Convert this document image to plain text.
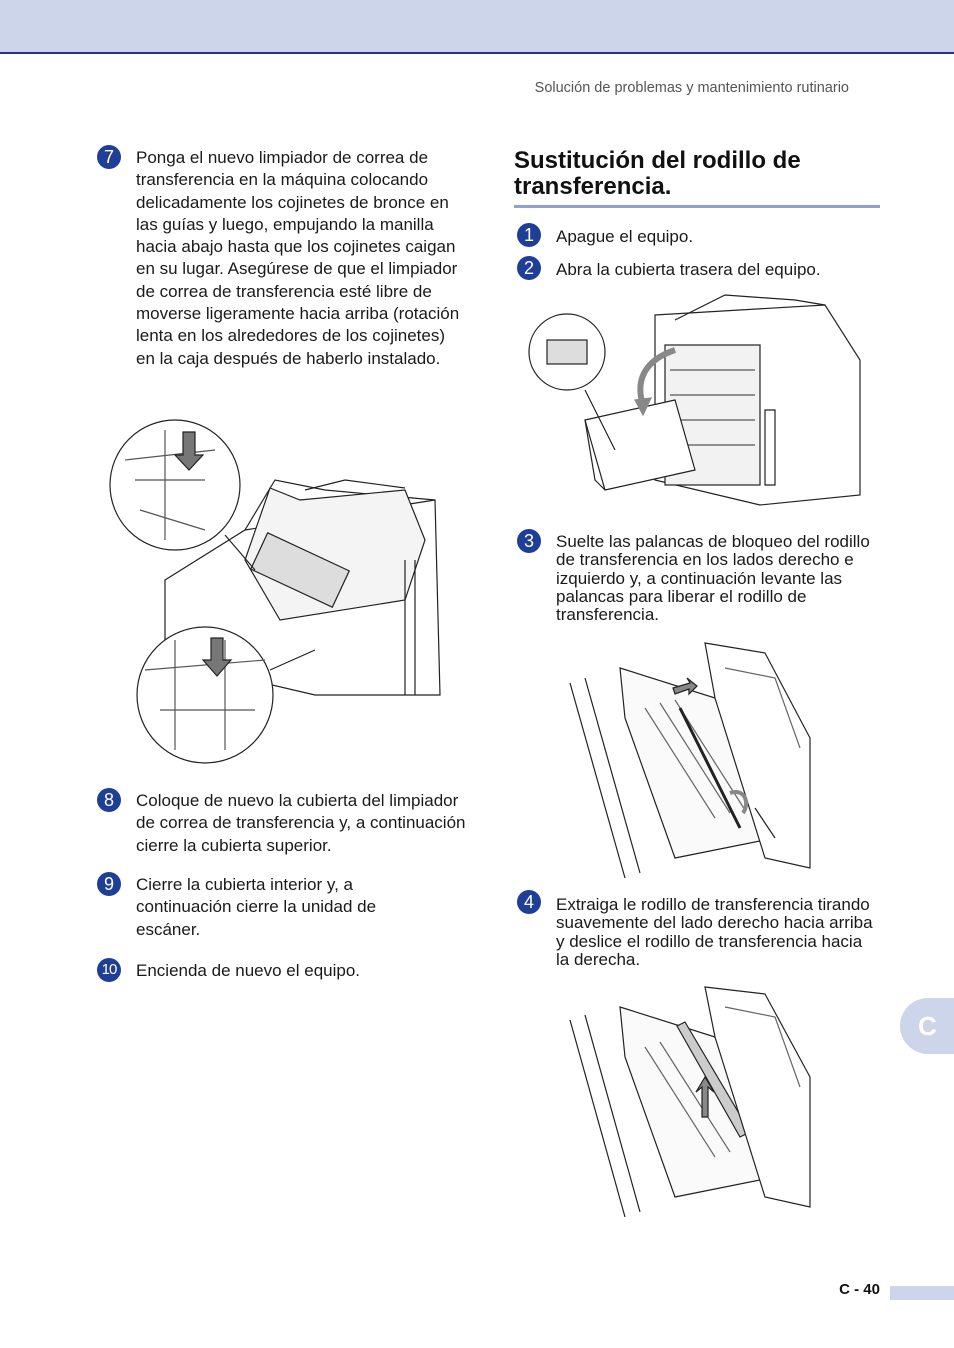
Solución de problemas y mantenimiento rutinario
7	Ponga el nuevo limpiador de correa de transferencia en la máquina colocando delicadamente los cojinetes de bronce en las guías y luego, empujando la manilla hacia abajo hasta que los cojinetes caigan en su lugar. Asegúrese de que el limpiador de correa de transferencia esté libre de moverse ligeramente hacia arriba (rotación lenta en los alrededores de los cojinetes) en la caja después de haberlo instalado.
8	Coloque de nuevo la cubierta del limpiador de correa de transferencia y, a continuación cierre la cubierta superior.
9	Cierre la cubierta interior y, a continuación cierre la unidad de escáner.
10 Encienda de nuevo el equipo.
Sustitución del rodillo de transferencia.
1	Apague el equipo.
2	Abra la cubierta trasera del equipo.
3	Suelte las palancas de bloqueo del rodillo de transferencia en los lados derecho e izquierdo y, a continuación levante las palancas para liberar el rodillo de transferencia.
4	Extraiga le rodillo de transferencia tirando suavemente del lado derecho hacia arriba y deslice el rodillo de transferencia hacia la derecha.
C
C - 40
